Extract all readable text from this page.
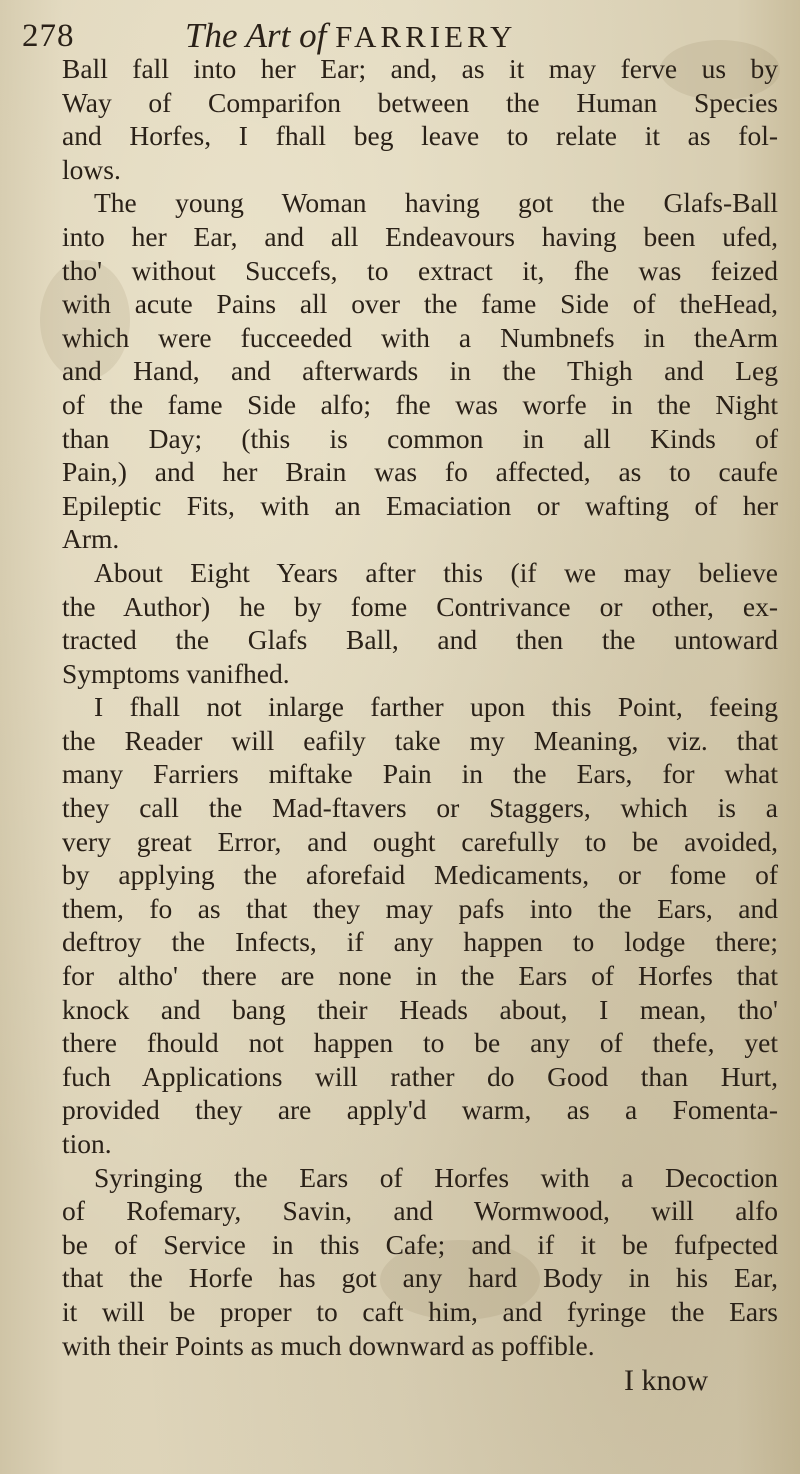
278	The Art of FARRIERY
Ball fall into her Ear; and, as it may ferve us by
Way of Comparifon between the Human Species
and Horfes, I fhall beg leave to relate it as fol-
lows.
The young Woman having got the Glafs-Ball
into her Ear, and all Endeavours having been ufed,
tho' without Succefs, to extract it, fhe was feized
with acute Pains all over the fame Side of theHead,
which were fucceeded with a Numbnefs in theArm
and Hand, and afterwards in the Thigh and Leg
of the fame Side alfo; fhe was worfe in the Night
than Day; (this is common in all Kinds of
Pain,) and her Brain was fo affected, as to caufe
Epileptic Fits, with an Emaciation or wafting of her
Arm.
About Eight Years after this (if we may believe
the Author) he by fome Contrivance or other, ex-
tracted the Glafs Ball, and then the untoward
Symptoms vanifhed.
I fhall not inlarge farther upon this Point, feeing
the Reader will eafily take my Meaning, viz. that
many Farriers miftake Pain in the Ears, for what
they call the Mad-ftavers or Staggers, which is a
very great Error, and ought carefully to be avoided,
by applying the aforefaid Medicaments, or fome of
them, fo as that they may pafs into the Ears, and
deftroy the Infects, if any happen to lodge there;
for altho' there are none in the Ears of Horfes that
knock and bang their Heads about, I mean, tho'
there fhould not happen to be any of thefe, yet
fuch Applications will rather do Good than Hurt,
provided they are apply'd warm, as a Fomenta-
tion.
Syringing the Ears of Horfes with a Decoction
of Rofemary, Savin, and Wormwood, will alfo
be of Service in this Cafe; and if it be fufpected
that the Horfe has got any hard Body in his Ear,
it will be proper to caft him, and fyringe the Ears
with their Points as much downward as poffible.
I know
